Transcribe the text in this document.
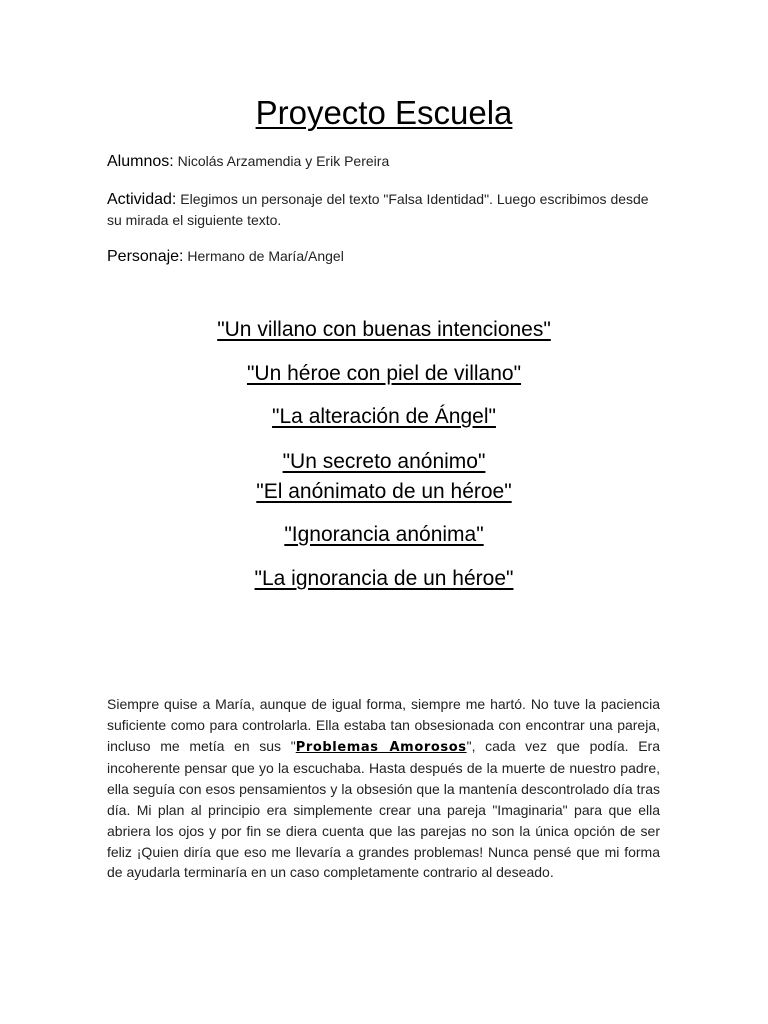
Proyecto Escuela
Alumnos: Nicolás Arzamendia y Erik Pereira
Actividad: Elegimos un personaje del texto "Falsa Identidad". Luego escribimos desde su mirada el siguiente texto.
Personaje: Hermano de María/Angel
"Un villano con buenas intenciones"
"Un héroe con piel de villano"
"La alteración de Ángel"
"Un secreto anónimo"
"El anónimato de un héroe"
"Ignorancia anónima"
"La ignorancia de un héroe"
Siempre quise a María, aunque de igual forma, siempre me hartó. No tuve la paciencia suficiente como para controlarla. Ella estaba tan obsesionada con encontrar una pareja, incluso me metía en sus "Problemas Amorosos", cada vez que podía. Era incoherente pensar que yo la escuchaba. Hasta después de la muerte de nuestro padre, ella seguía con esos pensamientos y la obsesión que la mantenía descontrolado día tras día. Mi plan al principio era simplemente crear una pareja "Imaginaria" para que ella abriera los ojos y por fin se diera cuenta que las parejas no son la única opción de ser feliz ¡Quien diría que eso me llevaría a grandes problemas! Nunca pensé que mi forma de ayudarla terminaría en un caso completamente contrario al deseado.
